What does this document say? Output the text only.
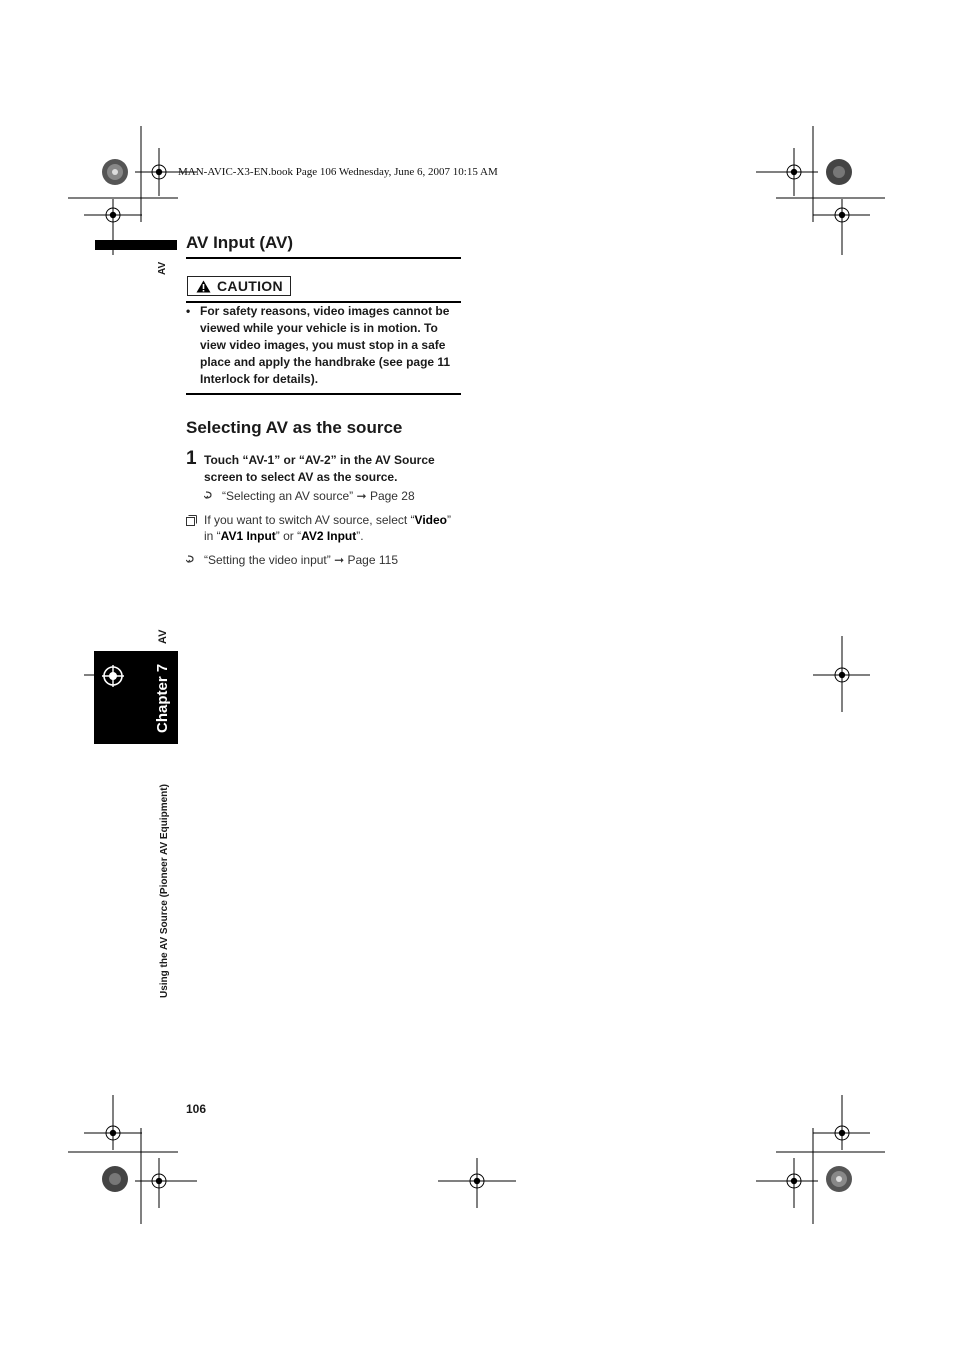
MAN-AVIC-X3-EN.book Page 106 Wednesday, June 6, 2007 10:15 AM
AV Input (AV)
AV
CAUTION
• For safety reasons, video images cannot be viewed while your vehicle is in motion. To view video images, you must stop in a safe place and apply the handbrake (see page 11 Interlock for details).
Selecting AV as the source
1 Touch “AV-1” or “AV-2” in the AV Source screen to select AV as the source.
“Selecting an AV source” ➞ Page 28
If you want to switch AV source, select “Video” in “AV1 Input” or “AV2 Input”.
“Setting the video input” ➞ Page 115
AV
Chapter 7
Using the AV Source (Pioneer AV Equipment)
106
